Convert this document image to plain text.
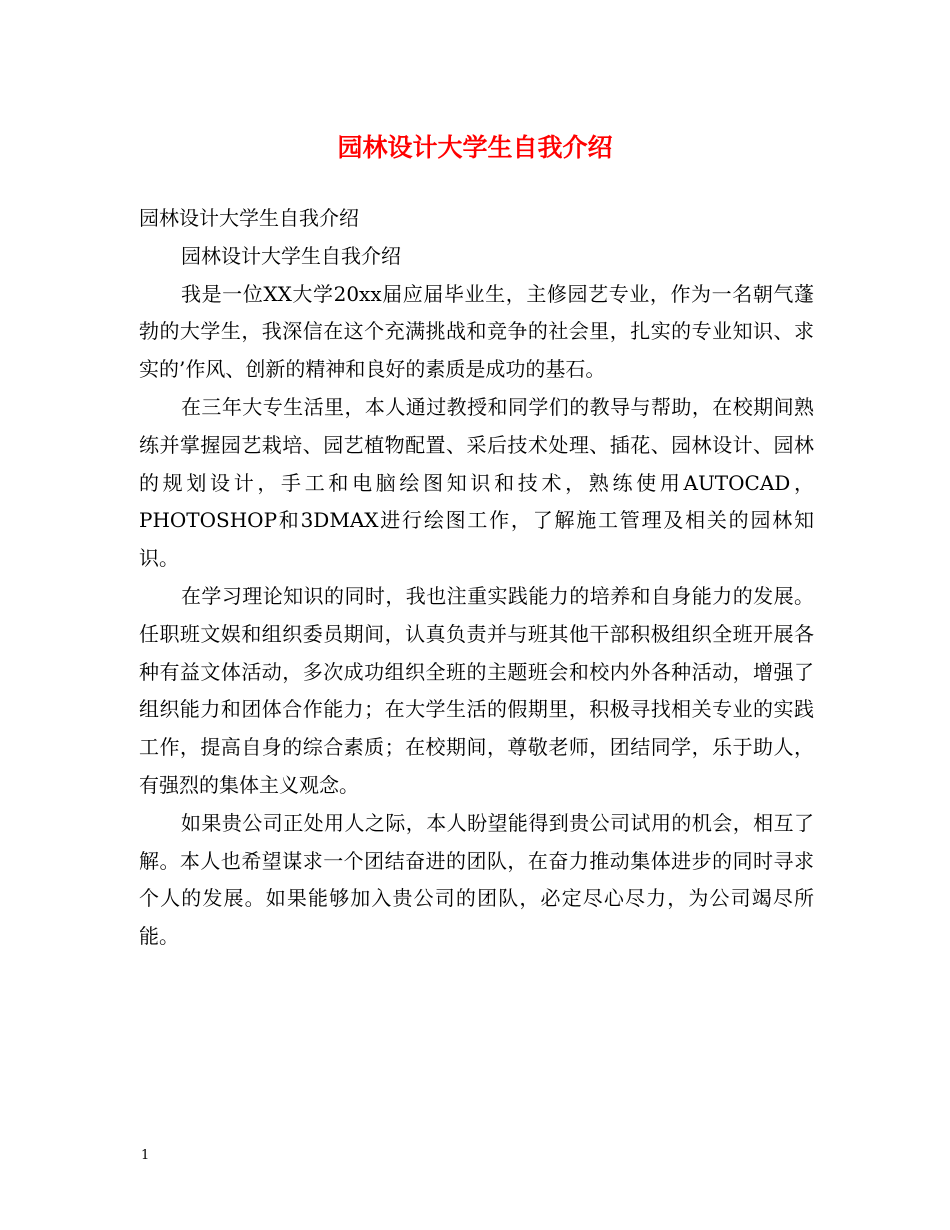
园林设计大学生自我介绍

园林设计大学生自我介绍

园林设计大学生自我介绍

我是一位XX大学20xx届应届毕业生，主修园艺专业，作为一名朝气蓬勃的大学生，我深信在这个充满挑战和竞争的社会里，扎实的专业知识、求实的’作风、创新的精神和良好的素质是成功的基石。

在三年大专生活里，本人通过教授和同学们的教导与帮助，在校期间熟练并掌握园艺栽培、园艺植物配置、采后技术处理、插花、园林设计、园林的规划设计，手工和电脑绘图知识和技术，熟练使用AUTOCAD，PHOTOSHOP和3DMAX进行绘图工作，了解施工管理及相关的园林知识。

在学习理论知识的同时，我也注重实践能力的培养和自身能力的发展。任职班文娱和组织委员期间，认真负责并与班其他干部积极组织全班开展各种有益文体活动，多次成功组织全班的主题班会和校内外各种活动，增强了组织能力和团体合作能力；在大学生活的假期里，积极寻找相关专业的实践工作，提高自身的综合素质；在校期间，尊敬老师，团结同学，乐于助人，有强烈的集体主义观念。

如果贵公司正处用人之际，本人盼望能得到贵公司试用的机会，相互了解。本人也希望谋求一个团结奋进的团队，在奋力推动集体进步的同时寻求个人的发展。如果能够加入贵公司的团队，必定尽心尽力，为公司竭尽所能。

1
